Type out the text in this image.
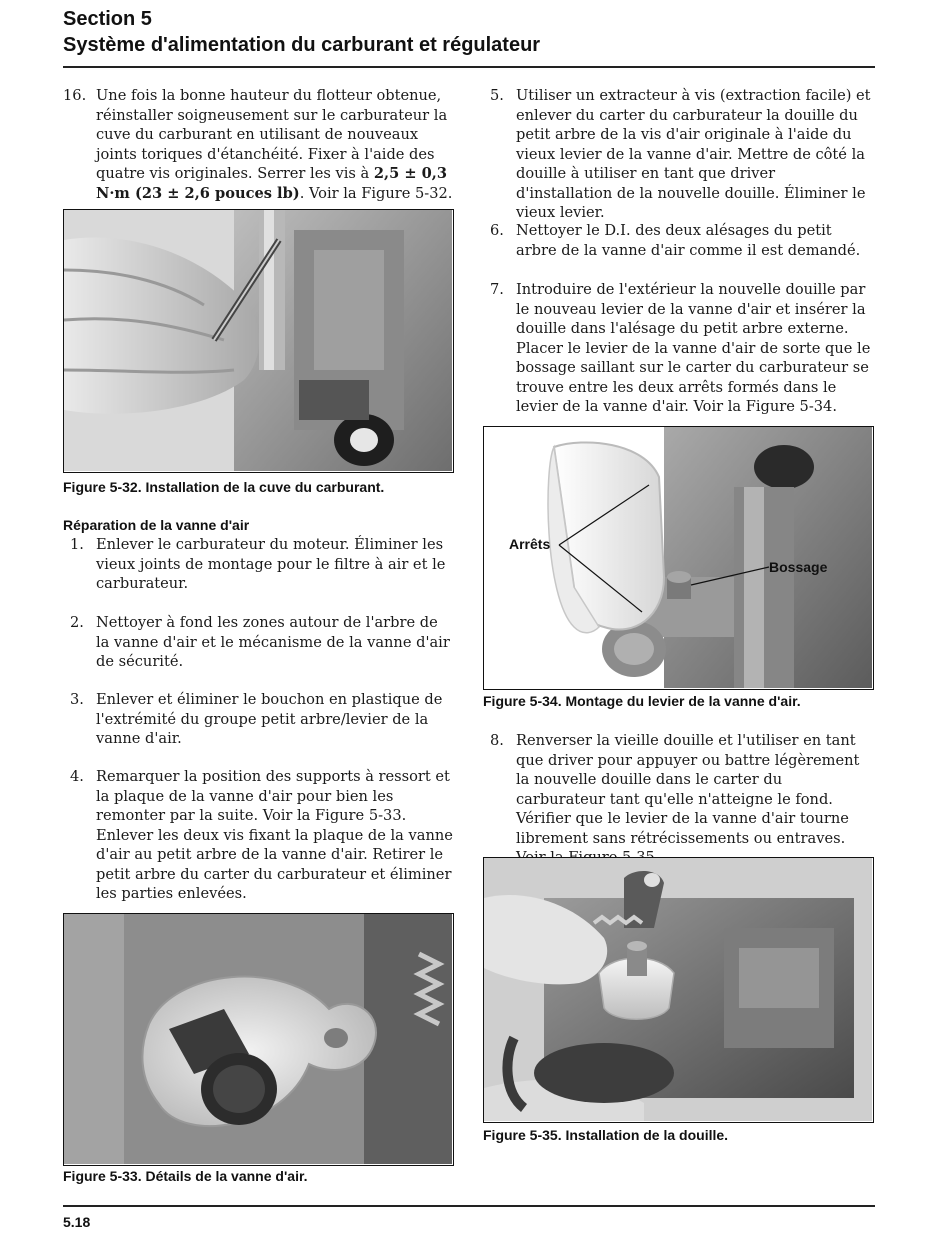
Section 5
Système d'alimentation du carburant et régulateur
16. Une fois la bonne hauteur du flotteur obtenue, réinstaller soigneusement sur le carburateur la cuve du carburant en utilisant de nouveaux joints toriques d'étanchéité. Fixer à l'aide des quatre vis originales. Serrer les vis à 2,5 ± 0,3 N·m (23 ± 2,6 pouces lb). Voir la Figure 5-32.
Figure 5-32. Installation de la cuve du carburant.
Réparation de la vanne d'air
1. Enlever le carburateur du moteur. Éliminer les vieux joints de montage pour le filtre à air et le carburateur.
2. Nettoyer à fond les zones autour de l'arbre de la vanne d'air et le mécanisme de la vanne d'air de sécurité.
3. Enlever et éliminer le bouchon en plastique de l'extrémité du groupe petit arbre/levier de la vanne d'air.
4. Remarquer la position des supports à ressort et la plaque de la vanne d'air pour bien les remonter par la suite. Voir la Figure 5-33. Enlever les deux vis fixant la plaque de la vanne d'air au petit arbre de la vanne d'air. Retirer le petit arbre du carter du carburateur et éliminer les parties enlevées.
Figure 5-33. Détails de la vanne d'air.
5. Utiliser un extracteur à vis (extraction facile) et enlever du carter du carburateur la douille du petit arbre de la vis d'air originale à l'aide du vieux levier de la vanne d'air. Mettre de côté la douille à utiliser en tant que driver d'installation de la nouvelle douille. Éliminer le vieux levier.
6. Nettoyer le D.I. des deux alésages du petit arbre de la vanne d'air comme il est demandé.
7. Introduire de l'extérieur la nouvelle douille par le nouveau levier de la vanne d'air et insérer la douille dans l'alésage du petit arbre externe. Placer le levier de la vanne d'air de sorte que le bossage saillant sur le carter du carburateur se trouve entre les deux arrêts formés dans le levier de la vanne d'air. Voir la Figure 5-34.
Arrêts
Bossage
Figure 5-34. Montage du levier de la vanne d'air.
8. Renverser la vieille douille et l'utiliser en tant que driver pour appuyer ou battre légèrement la nouvelle douille dans le carter du carburateur tant qu'elle n'atteigne le fond. Vérifier que le levier de la vanne d'air tourne librement sans rétrécissements ou entraves.
Figure 5-35. Installation de la douille.
5.18
